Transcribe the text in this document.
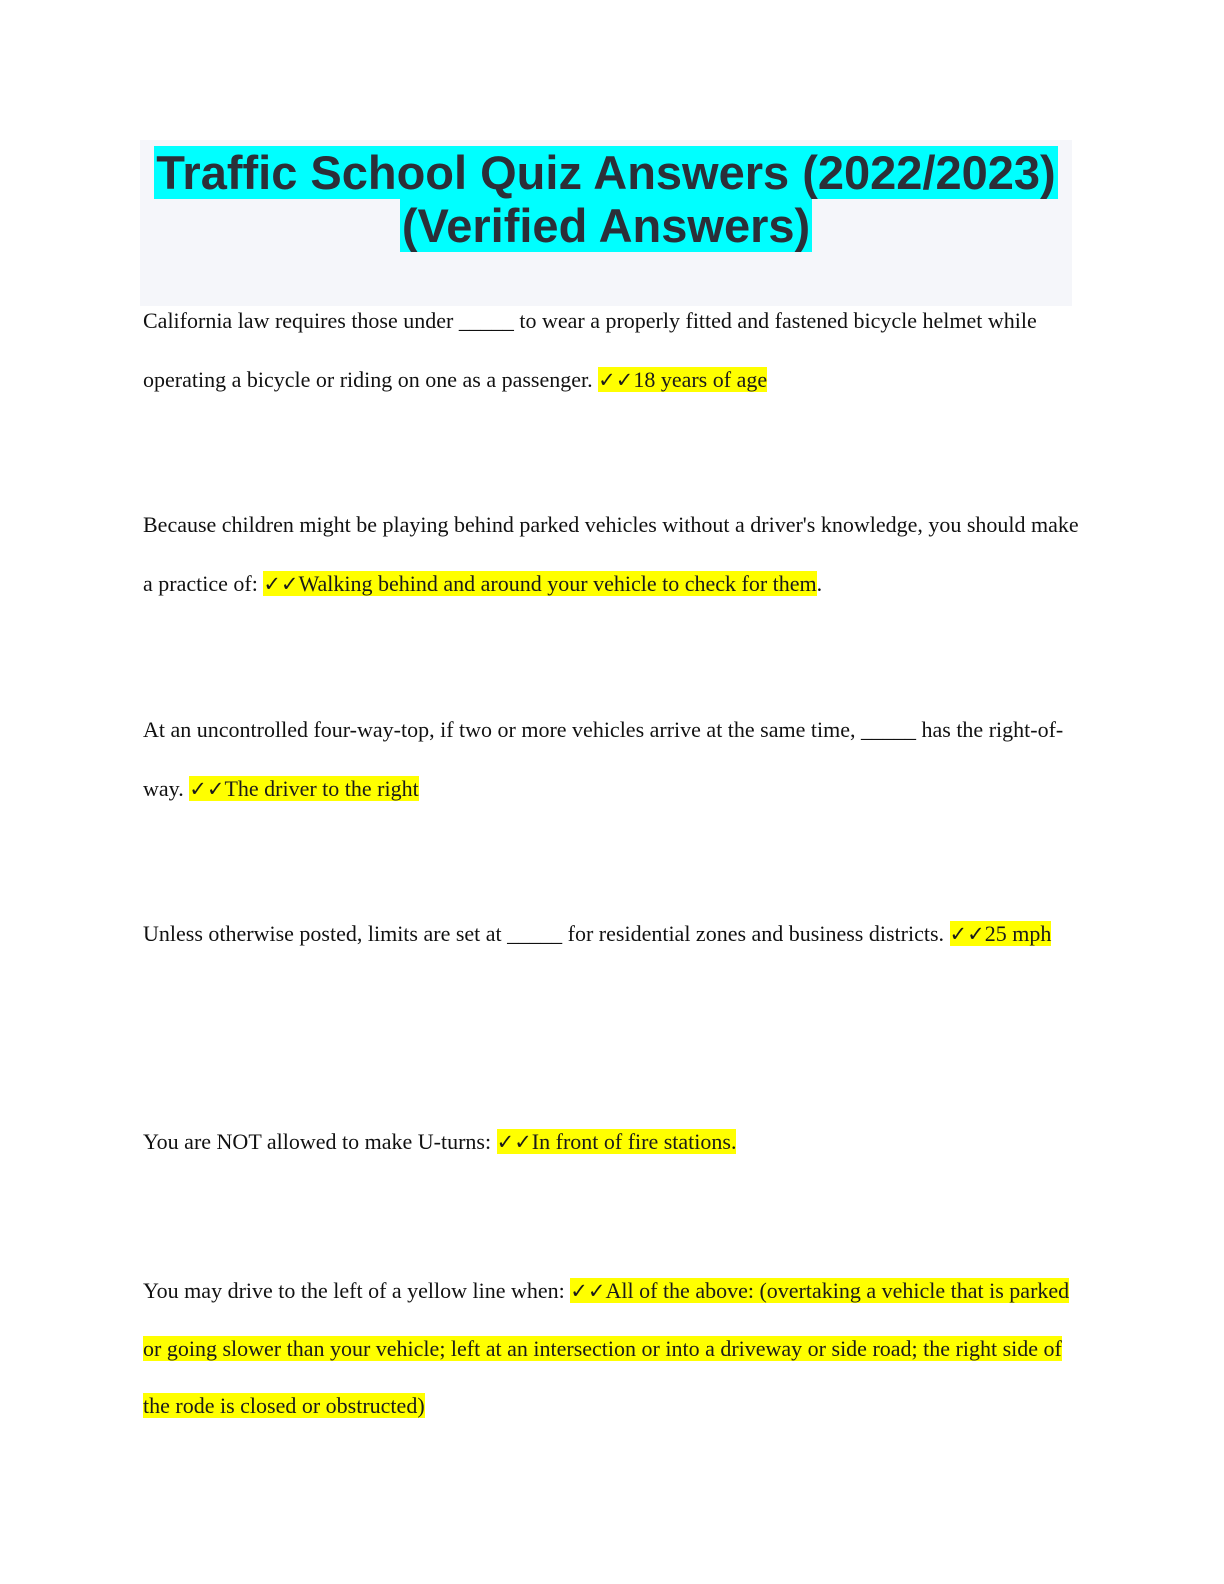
Traffic School Quiz Answers (2022/2023)
(Verified Answers)
California law requires those under _____ to wear a properly fitted and fastened bicycle helmet while operating a bicycle or riding on one as a passenger. ✓✓18 years of age
Because children might be playing behind parked vehicles without a driver's knowledge, you should make a practice of: ✓✓Walking behind and around your vehicle to check for them.
At an uncontrolled four-way-top, if two or more vehicles arrive at the same time, _____ has the right-of-way. ✓✓The driver to the right
Unless otherwise posted, limits are set at _____ for residential zones and business districts. ✓✓25 mph
You are NOT allowed to make U-turns: ✓✓In front of fire stations.
You may drive to the left of a yellow line when: ✓✓All of the above: (overtaking a vehicle that is parked or going slower than your vehicle; left at an intersection or into a driveway or side road; the right side of the rode is closed or obstructed)
